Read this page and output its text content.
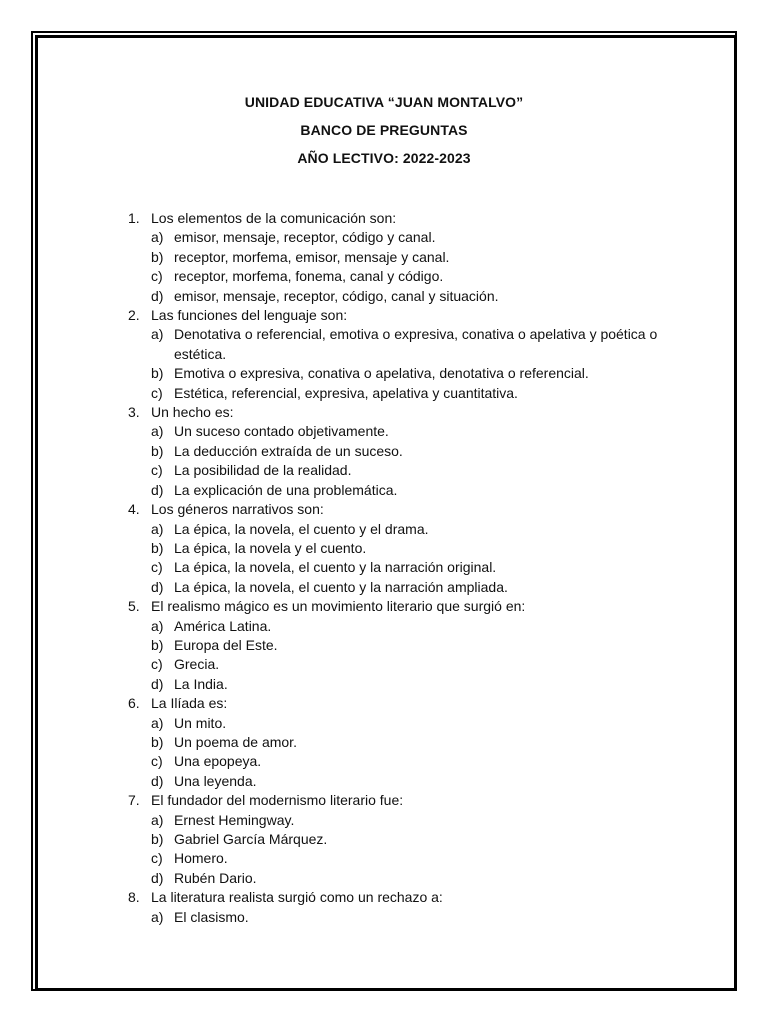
UNIDAD EDUCATIVA “JUAN MONTALVO”
BANCO DE PREGUNTAS
AÑO LECTIVO: 2022-2023
1. Los elementos de la comunicación son:
a) emisor, mensaje, receptor, código y canal.
b) receptor, morfema, emisor, mensaje y canal.
c) receptor, morfema, fonema, canal y código.
d) emisor, mensaje, receptor, código, canal y situación.
2. Las funciones del lenguaje son:
a) Denotativa o referencial, emotiva o expresiva, conativa o apelativa y poética o estética.
b) Emotiva o expresiva, conativa o apelativa, denotativa o referencial.
c) Estética, referencial, expresiva, apelativa y cuantitativa.
3. Un hecho es:
a) Un suceso contado objetivamente.
b) La deducción extraída de un suceso.
c) La posibilidad de la realidad.
d) La explicación de una problemática.
4. Los géneros narrativos son:
a) La épica, la novela, el cuento y el drama.
b) La épica, la novela y el cuento.
c) La épica, la novela, el cuento y la narración original.
d) La épica, la novela, el cuento y la narración ampliada.
5. El realismo mágico es un movimiento literario que surgió en:
a) América Latina.
b) Europa del Este.
c) Grecia.
d) La India.
6. La Ilíada es:
a) Un mito.
b) Un poema de amor.
c) Una epopeya.
d) Una leyenda.
7. El fundador del modernismo literario fue:
a) Ernest Hemingway.
b) Gabriel García Márquez.
c) Homero.
d) Rubén Dario.
8. La literatura realista surgió como un rechazo a:
a) El clasismo.
